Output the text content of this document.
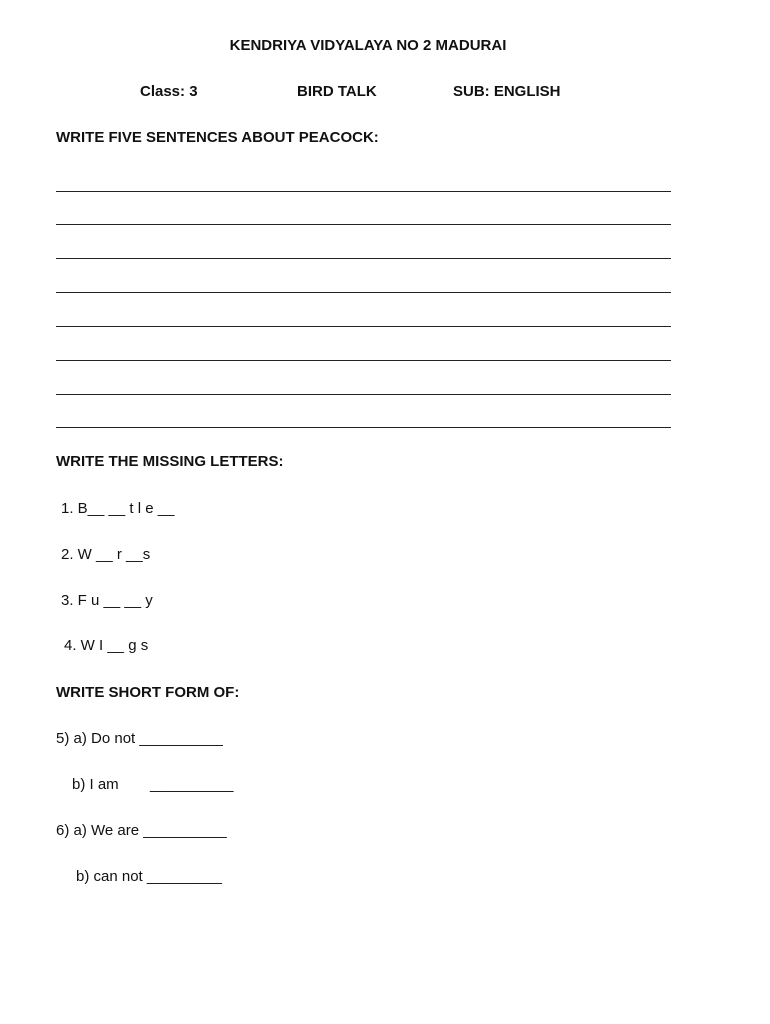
KENDRIYA VIDYALAYA NO 2 MADURAI
Class: 3	BIRD TALK	SUB: ENGLISH
WRITE FIVE SENTENCES ABOUT PEACOCK:
WRITE THE MISSING LETTERS:
1. B__ __ t l e __
2. W __ r __s
3. F u __ __ y
4. W I __ g s
WRITE SHORT FORM OF:
5) a) Do not __________
b) I am __________
6) a) We are __________
b) can not _________
